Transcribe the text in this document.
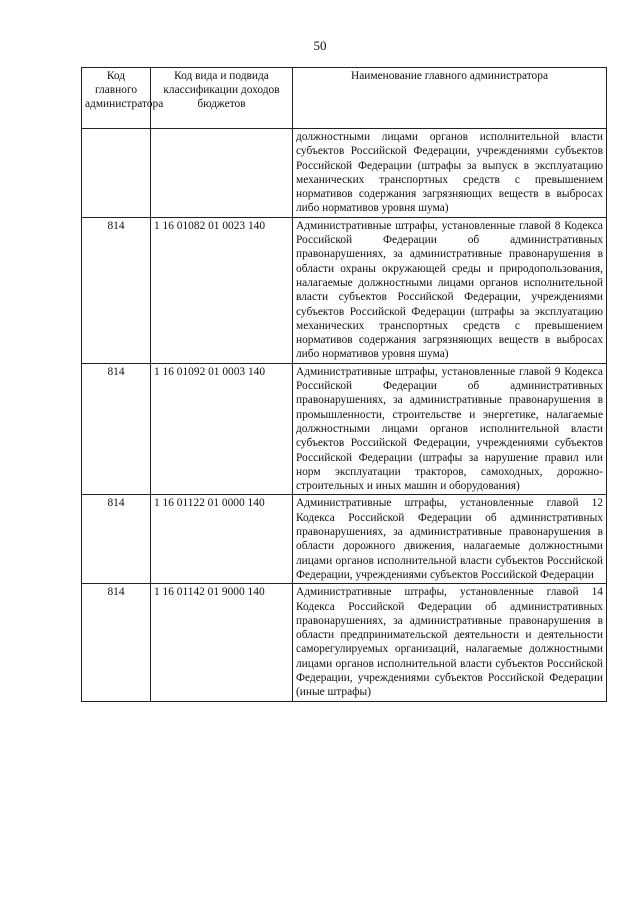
50
Код главного администратора	Код вида и подвида классификации доходов бюджетов	Наименование главного администратора
		должностными лицами органов исполнительной власти субъектов Российской Федерации, учреждениями субъектов Российской Федерации (штрафы за выпуск в эксплуатацию механических транспортных средств с превышением нормативов содержания загрязняющих веществ в выбросах либо нормативов уровня шума)
814	1 16 01082 01 0023 140	Административные штрафы, установленные главой 8 Кодекса Российской Федерации об административных правонарушениях, за административные правонарушения в области охраны окружающей среды и природопользования, налагаемые должностными лицами органов исполнительной власти субъектов Российской Федерации, учреждениями субъектов Российской Федерации (штрафы за эксплуатацию механических транспортных средств с превышением нормативов содержания загрязняющих веществ в выбросах либо нормативов уровня шума)
814	1 16 01092 01 0003 140	Административные штрафы, установленные главой 9 Кодекса Российской Федерации об административных правонарушениях, за административные правонарушения в промышленности, строительстве и энергетике, налагаемые должностными лицами органов исполнительной власти субъектов Российской Федерации, учреждениями субъектов Российской Федерации (штрафы за нарушение правил или норм эксплуатации тракторов, самоходных, дорожно-строительных и иных машин и оборудования)
814	1 16 01122 01 0000 140	Административные штрафы, установленные главой 12 Кодекса Российской Федерации об административных правонарушениях, за административные правонарушения в области дорожного движения, налагаемые должностными лицами органов исполнительной власти субъектов Российской Федерации, учреждениями субъектов Российской Федерации
814	1 16 01142 01 9000 140	Административные штрафы, установленные главой 14 Кодекса Российской Федерации об административных правонарушениях, за административные правонарушения в области предпринимательской деятельности и деятельности саморегулируемых организаций, налагаемые должностными лицами органов исполнительной власти субъектов Российской Федерации, учреждениями субъектов Российской Федерации (иные штрафы)
